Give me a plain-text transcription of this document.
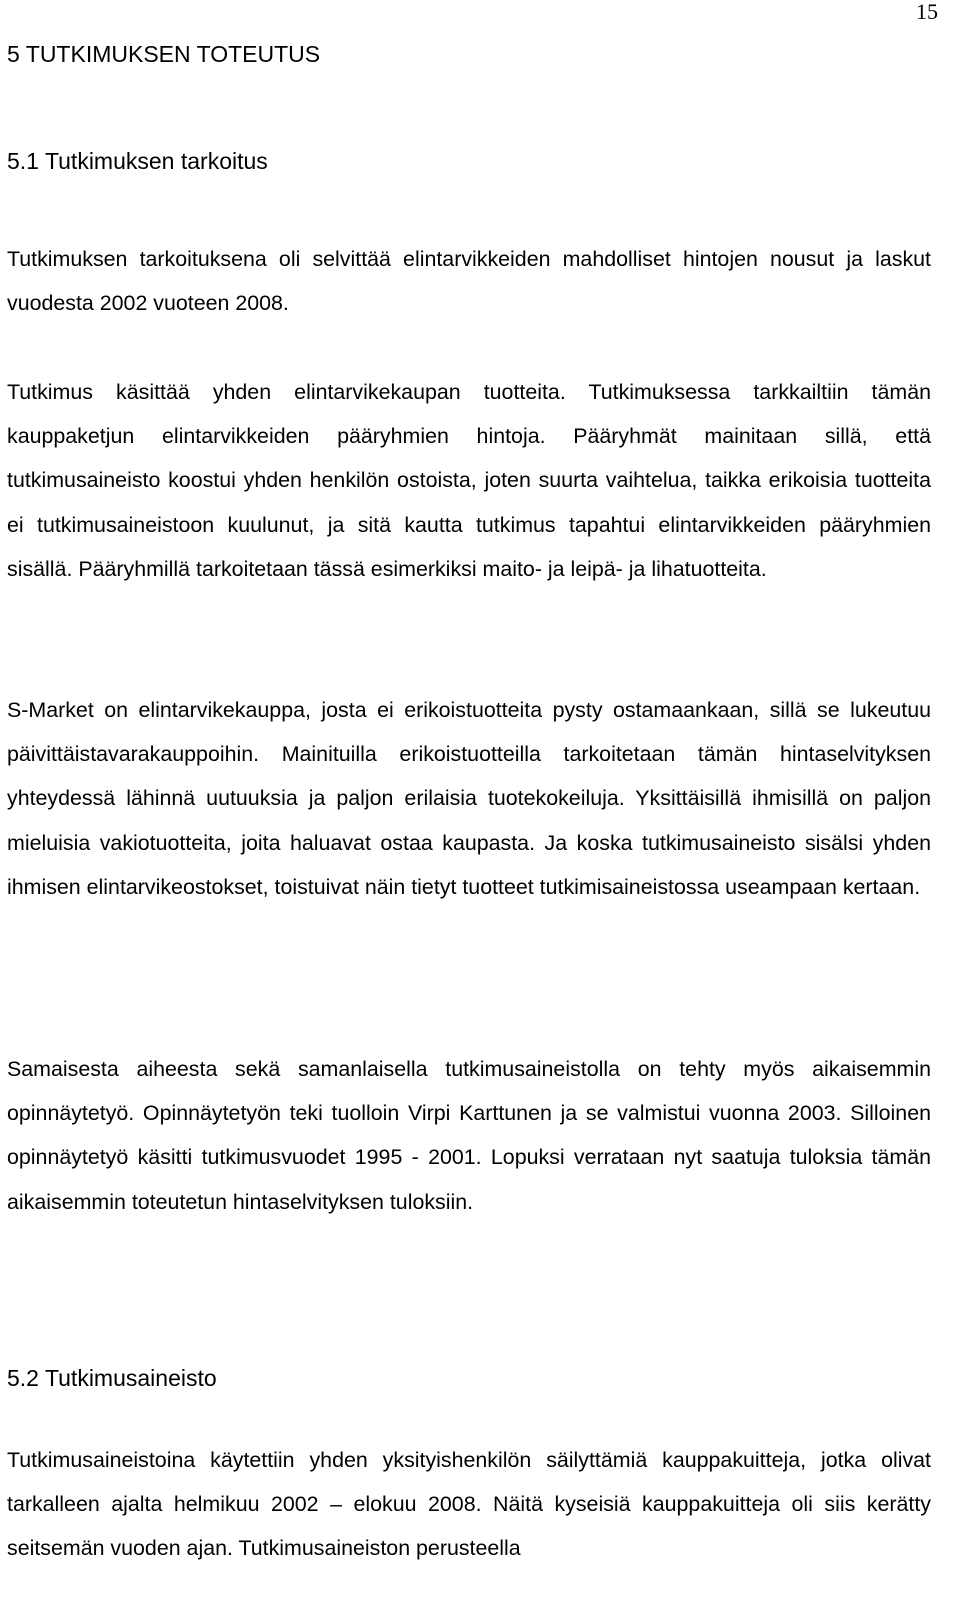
15
5 TUTKIMUKSEN TOTEUTUS
5.1 Tutkimuksen tarkoitus

Tutkimuksen tarkoituksena oli selvittää elintarvikkeiden mahdolliset hintojen nousut ja laskut vuodesta 2002 vuoteen 2008.

Tutkimus käsittää yhden elintarvikekaupan tuotteita. Tutkimuksessa tarkkailtiin tämän kauppaketjun elintarvikkeiden pääryhmien hintoja. Pääryhmät mainitaan sillä, että tutkimusaineisto koostui yhden henkilön ostoista, joten suurta vaihtelua, taikka erikoisia tuotteita ei tutkimusaineistoon kuulunut, ja sitä kautta tutkimus tapahtui elintarvikkeiden pääryhmien sisällä. Pääryhmillä tarkoitetaan tässä esimerkiksi maito- ja leipä- ja lihatuotteita.

S-Market on elintarvikekauppa, josta ei erikoistuotteita pysty ostamaankaan, sillä se lukeutuu päivittäistavarakauppoihin. Mainituilla erikoistuotteilla tarkoitetaan tämän hintaselvityksen yhteydessä lähinnä uutuuksia ja paljon erilaisia tuotekokeiluja. Yksittäisillä ihmisillä on paljon mieluisia vakiotuotteita, joita haluavat ostaa kaupasta. Ja koska tutkimusaineisto sisälsi yhden ihmisen elintarvikeostokset, toistuivat näin tietyt tuotteet tutkimisaineistossa useampaan kertaan.

Samaisesta aiheesta sekä samanlaisella tutkimusaineistolla on tehty myös aikaisemmin opinnäytetyö. Opinnäytetyön teki tuolloin Virpi Karttunen ja se valmistui vuonna 2003. Silloinen opinnäytetyö käsitti tutkimusvuodet 1995 - 2001. Lopuksi verrataan nyt saatuja tuloksia tämän aikaisemmin toteutetun hintaselvityksen tuloksiin.

5.2 Tutkimusaineisto

Tutkimusaineistoina käytettiin yhden yksityishenkilön säilyttämiä kauppakuitteja, jotka olivat tarkalleen ajalta helmikuu 2002 – elokuu 2008. Näitä kyseisiä kauppakuitteja oli siis kerätty seitsemän vuoden ajan. Tutkimusaineiston perusteella
